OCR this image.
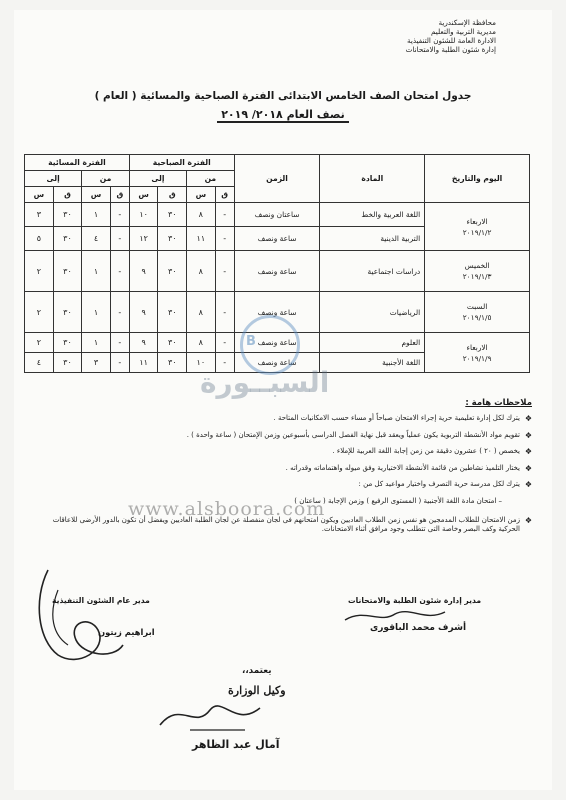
محافظة الإسكندرية
مديرية التربية والتعليم
الادارة العامة للشئون التنفيذية
إدارة شئون الطلبة والامتحانات
جدول امتحان الصف الخامس الابتدائى الفترة الصباحية والمسائية ( العام )
نصف العام ٢٠١٨/ ٢٠١٩
اليوم والتاريخ	المادة	الزمن	الفترة الصباحية				الفترة المسائية			
			من		إلى		من		إلى	
			ق	س	ق	س	ق	س	ق	س

الاربعاء
٢٠١٩/١/٢	اللغة العربية والخط	ساعتان ونصف	-	٨	٣٠	١٠	-	١	٣٠	٣
	التربية الدينية	ساعة ونصف	-	١١	٣٠	١٢	-	٤	٣٠	٥

الخميس
٢٠١٩/١/٣	دراسات اجتماعية	ساعة ونصف	-	٨	٣٠	٩	-	١	٣٠	٢

السبت
٢٠١٩/١/٥	الرياضيات	ساعة ونصف	-	٨	٣٠	٩	-	١	٣٠	٢

الاربعاء
٢٠١٩/١/٩	العلوم	ساعة ونصف	-	٨	٣٠	٩	-	١	٣٠	٢
	اللغة الأجنبية	ساعة ونصف	-	١٠	٣٠	١١	-	٣	٣٠	٤
B
السبــورة
ملاحظات هامة :
❖
يترك لكل إدارة تعليمية حرية إجراء الامتحان صباحاً أو مساء حسب الامكانيات المتاحة .
❖
تقويم مواد الأنشطة التربوية يكون عملياً ويعقد قبل نهاية الفصل الدراسى بأسبوعين وزمن الإمتحان ( ساعة واحدة ) .
❖
يخصص ( ٢٠ ) عشرون دقيقة من زمن إجابة اللغة العربية للإملاء .
❖
يختار التلميذ نشاطين من قائمة الأنشطة الاختيارية وفق ميوله واهتماماته وقدراته .
❖
يترك لكل مدرسة حرية التصرف واختيار مواعيد كل من :
– امتحان مادة اللغة الأجنبية ( المستوى الرفيع ) وزمن الإجابة ( ساعتان )
❖
زمن الامتحان للطلاب المدمجين هو نفس زمن الطلاب العاديين ويكون امتحانهم فى لجان منفصلة عن لجان الطلبة العاديين ويفضل أن تكون بالدور الأرضى للاعاقات الحركية وكف البصر وخاصة التى تتطلب وجود مرافق أثناء الامتحانات.
www.alsboora.com
مدير عام الشئون التنفيذية
ابراهيم زيتون
مدير إدارة شئون الطلبة والامتحانات
أشرف محمد الباقورى
يعتمد،،
وكيل الوزارة
آمال عبد الظاهر
